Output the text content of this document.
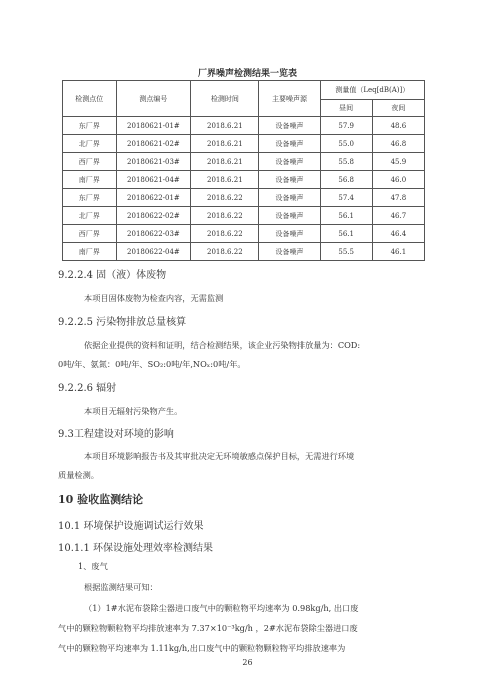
厂界噪声检测结果一览表
检测点位	测点编号	检测时间	主要噪声源	测量值（Leq[dB(A)]）	
				昼间	夜间
东厂界	20180621-01#	2018.6.21	设备噪声	57.9	48.6
北厂界	20180621-02#	2018.6.21	设备噪声	55.0	46.8
西厂界	20180621-03#	2018.6.21	设备噪声	55.8	45.9
南厂界	20180621-04#	2018.6.21	设备噪声	56.8	46.0
东厂界	20180622-01#	2018.6.22	设备噪声	57.4	47.8
北厂界	20180622-02#	2018.6.22	设备噪声	56.1	46.7
西厂界	20180622-03#	2018.6.22	设备噪声	56.1	46.4
南厂界	20180622-04#	2018.6.22	设备噪声	55.5	46.1
9.2.2.4 固（液）体废物
本项目固体废物为检查内容，无需监测
9.2.2.5 污染物排放总量核算
依据企业提供的资料和证明，结合检测结果，该企业污染物排放量为：COD:
0吨/年、氨氮：0吨/年、SO₂:0吨/年,NOₓ:0吨/年。
9.2.2.6 辐射
本项目无辐射污染物产生。
9.3工程建设对环境的影响
本项目环境影响报告书及其审批决定无环境敏感点保护目标，无需进行环境
质量检测。
10 验收监测结论
10.1 环境保护设施调试运行效果
10.1.1 环保设施处理效率检测结果
1、废气
根据监测结果可知：
（1）1#水泥布袋除尘器进口废气中的颗粒物平均速率为 0.98kg/h, 出口废
气中的颗粒物颗粒物平均排放速率为 7.37×10⁻³kg/h ，2#水泥布袋除尘器进口废
气中的颗粒物平均速率为 1.11kg/h,出口废气中的颗粒物颗粒物平均排放速率为
26
